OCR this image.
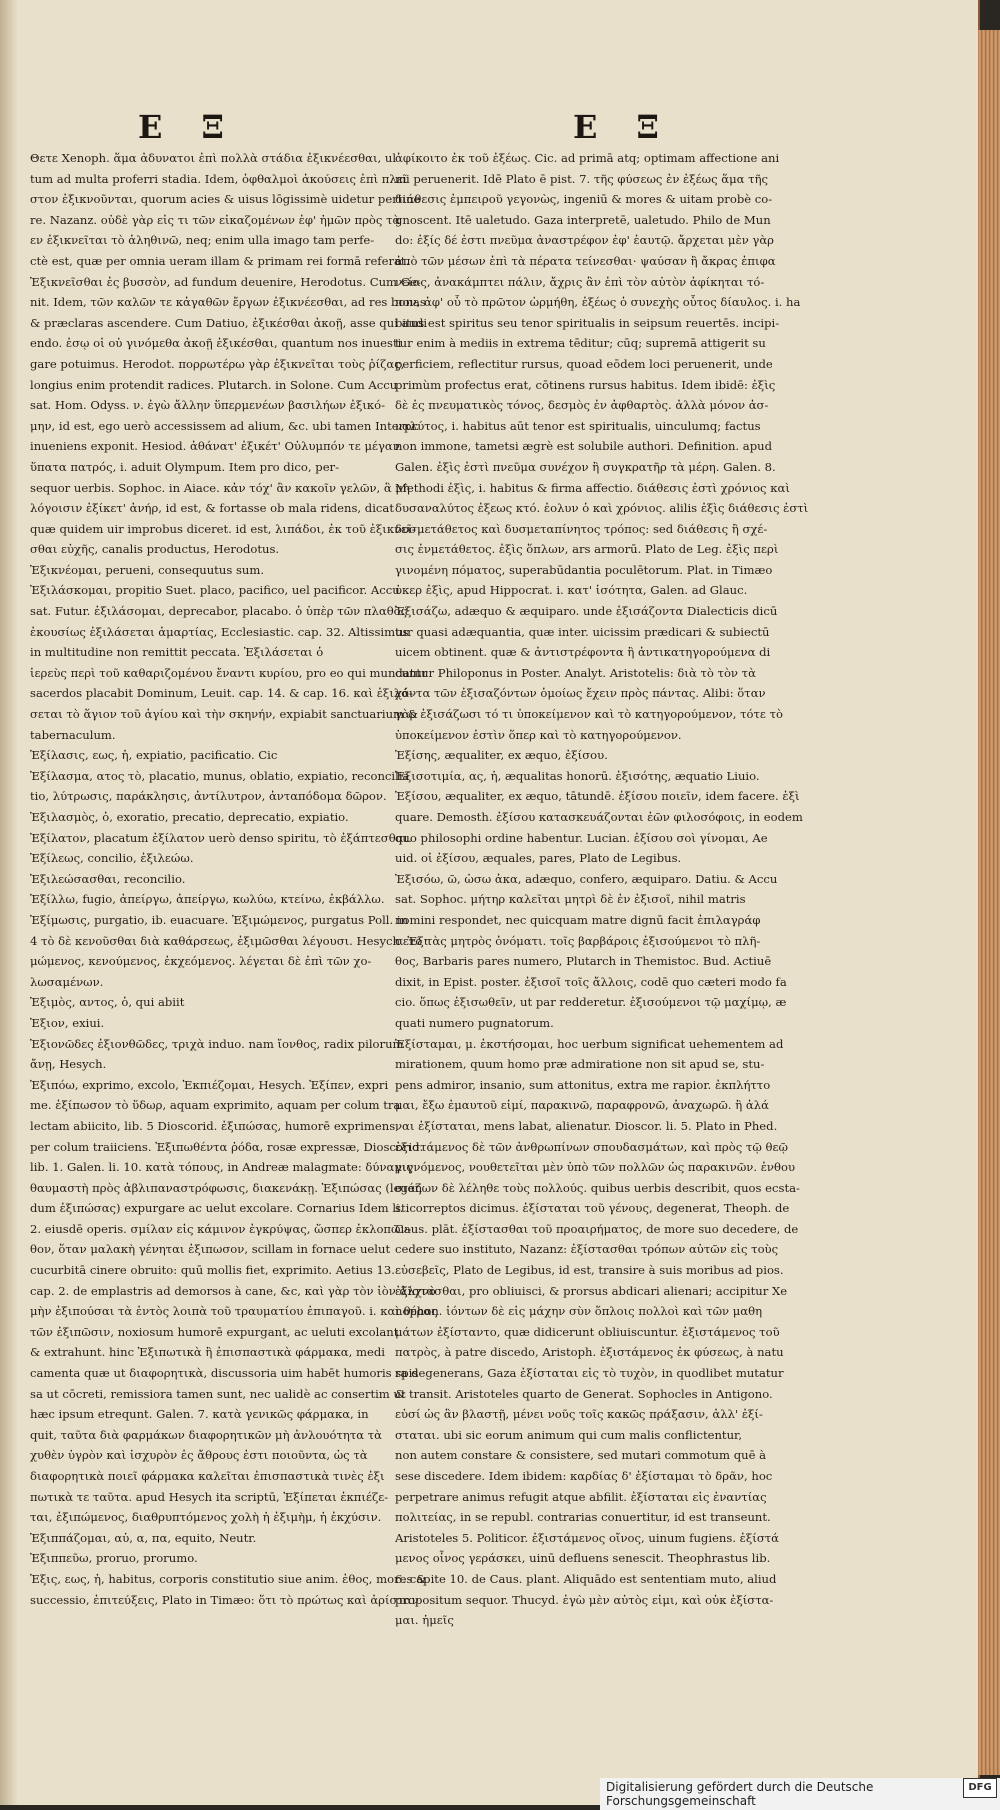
Ε Ξ	Ε Ξ
Θετε Xenoph. ἅμα ἀδυνατοι ἐπὶ πολλὰ στάδια ἐξικνέεσθαι, ul
tum ad multa proferri stadia. Idem, ὀφθαλμοὶ ἀκούσεις ἐπὶ πλεῖ
στον ἐξικνοῦνται, quorum acies & uisus lōgissimè uidetur pertine
re. Nazanz. οὐδὲ γὰρ εἰς τι τῶν εἰκαζομένων ἐφ' ἡμῶν πρὸς τὰ
εν ἐξικνεῖται τὸ ἀληθινῶ, neq; enim ulla imago tam perfe-
ctè est, quæ per omnia ueram illam & primam rei formā referat.
Ἐξικνεῖσθαι ἐς βυσσὸν, ad fundum deuenire, Herodotus. Cum Ge-
nit. Idem, τῶν καλῶν τε κἀγαθῶν ἔργων ἐξικνέεσθαι, ad res bonas
& præclaras ascendere. Cum Datiuo, ἐξικέσθαι ἀκοῇ, asse qui audi
endo. ἐσῳ οἱ οὐ γινόμεθα ἀκοῇ ἐξικέσθαι, quantum nos inuesti
gare potuimus. Herodot. πορρωτέρω γὰρ ἐξικνεῖται τοὺς ῥίζας,
longius enim protendit radices. Plutarch. in Solone. Cum Accu
sat. Hom. Odyss. ν. ἐγὼ ἄλλην ὕπερμενέων βασιλήων ἐξικό-
μην, id est, ego uerò accessissem ad alium, &c. ubi tamen Interpr.
inueniens exponit. Hesiod. ἀθάνατ' ἐξικέτ' Οὐλυμπόν τε μέγαν
ὕπατα πατρός, i. aduit Olympum. Item pro dico, per-
sequor uerbis. Sophoc. in Aiace. κἀν τόχ' ἂν κακοῖν γελῶν, ἃ μὴ
λόγοισιν ἐξίκετ' ἀνήρ, id est, & fortasse ob mala ridens, dicat
quæ quidem uir improbus diceret. id est, λιπάδοι, ἐκ τοῦ ἐξικνεῖ-
σθαι εὐχῆς, canalis productus, Herodotus.
Ἐξικνέομαι, perueni, consequutus sum.
Ἐξιλάσκομαι, propitio Suet. placo, pacifico, uel pacificor. Accu
sat. Futur. ἐξιλάσομαι, deprecabor, placabo. ὁ ὑπὲρ τῶν πλαθὸς
ἐκουσίως ἐξιλάσεται ἁμαρτίας, Ecclesiastic. cap. 32. Altissimus
in multitudine non remittit peccata. Ἐξιλάσεται ὁ
ἱερεὺς περὶ τοῦ καθαριζομένου ἔναντι κυρίου, pro eo qui mundatur
sacerdos placabit Dominum, Leuit. cap. 14. & cap. 16. καὶ ἐξιλά-
σεται τὸ ἅγιον τοῦ ἁγίου καὶ τὴν σκηνήν, expiabit sanctuarium &
tabernaculum.
Ἐξίλασις, εως, ἡ, expiatio, pacificatio. Cic
Ἐξίλασμα, ατος τὸ, placatio, munus, oblatio, expiatio, reconcilia
tio, λύτρωσις, παράκλησις, ἀντίλυτρον, ἀνταπόδομα δῶρον.
Ἐξιλασμὸς, ὁ, exoratio, precatio, deprecatio, expiatio.
Ἐξίλατον, placatum ἐξίλατον uerò denso spiritu, τὸ ἐξάπτεσθαι.
Ἐξίλεως, concilio, ἐξιλεώω.
Ἐξιλεώσασθαι, reconcilio.
Ἐξίλλω, fugio, ἀπείργω, ἀπείργω, κωλύω, κτείνω, ἐκβάλλω.
Ἐξίμωσις, purgatio, ib. euacuare. Ἐξιμώμενος, purgatus Poll. in
4 τὸ δὲ κενοῦσθαι διὰ καθάρσεως, ἐξιμῶσθαι λέγουσι. Hesych. Ἐξι
μώμενος, κενούμενος, ἐκχεόμενος. λέγεται δὲ ἐπὶ τῶν χο-
λωσαμένων.
Ἐξιμὸς, αντος, ὁ, qui abiit
Ἐξιον, exiui.
Ἐξιονῶδες ἐξιονθῶδες, τριχὰ induo. nam ἴονθος, radix pilorum
ἄνῃ, Hesych.
Ἐξιπόω, exprimo, excolo, Ἐκπιέζομαι, Hesych. Ἐξίπεν, expri
me. ἐξίπωσον τὸ ὕδωρ, aquam exprimito, aquam per colum tra
lectam abiicito, lib. 5 Dioscorid. ἐξιπώσας, humorē exprimens,
per colum traiiciens. Ἐξιπωθέντα ῥόδα, rosæ expressæ, Dioscorid.
lib. 1. Galen. li. 10. κατὰ τόπους, in Andreæ malagmate: δύναμις
θαυμαστὴ πρὸς ἀβλιπαναστρόφωσις, διακενάκῃ. Ἐξιπώσας (legen
dum ἐξιπώσας) expurgare ac uelut excolare. Cornarius Idem li.
2. eiusdē operis. σμίλαν εἰς κάμινον ἐγκρύψας, ὥσπερ ἐκλοπῶν-
θον, ὅταν μαλακὴ γένηται ἐξιπωσον, scillam in fornace uelut
cucurbitā cinere obruito: quū mollis fiet, exprimito. Aetius 13.
cap. 2. de emplastris ad demorsos à cane, &c, καὶ γὰρ τὸν ἰὸν ἀλχνὸ
μὴν ἐξιπούσαι τὰ ἐντὸς λοιπὰ τοῦ τραυματίου ἐπιπαγοῦ. i. καὶ θέρας
τῶν ἐξιπῶσιν, noxiosum humorē expurgant, ac ueluti excolant
& extrahunt. hinc Ἐξιπωτικὰ ἢ ἐπισπαστικὰ φάρμακα, medi
camenta quæ ut διαφορητικὰ, discussoria uim habēt humoris spis
sa ut cōcreti, remissiora tamen sunt, nec ualidè ac consertim ut
hæc ipsum etrequnt. Galen. 7. κατὰ γενικῶς φάρμακα, in
quit, ταῦτα διὰ φαρμάκων διαφορητικῶν μὴ ἀνλουότητα τὰ
χυθὲν ὑγρὸν καὶ ἰσχυρὸν ἐς ἄθρους ἐστι ποιοῦντα, ὡς τὰ
διαφορητικὰ ποιεῖ φάρμακα καλεῖται ἐπισπαστικὰ τινὲς ἐξι
πωτικὰ τε ταῦτα. apud Hesych ita scriptū, Ἐξίπεται ἐκπιέζε-
ται, ἐξιπώμενος, διαθρυπτόμενος χολὴ ἡ ἐξιμὴμ, ἡ ἐκχύσιν.
Ἐξιππάζομαι, αὐ, α, πα, equito, Neutr.
Ἐξιππεῦω, proruo, prorumo.
Ἐξις, εως, ἡ, habitus, corporis constitutio siue anim. ἐθος, mores &
successio, ἐπιτεύξεις, Plato in Timæo: ὅτι τὸ πρώτως καὶ ἀρίσταν
ἀφίκοιτο ἐκ τοῦ ἐξέως. Cic. ad primā atq; optimam affectione ani
mi peruenerit. Idē Plato ē pist. 7. τῆς φύσεως ἐν ἐξέως ἅμα τῆς
διάθεσις ἐμπειροῦ γεγονὼς, ingeniū & mores & uitam probè co-
gnoscent. Itē ualetudo. Gaza interpretē, ualetudo. Philo de Mun
do: ἐξίς δέ ἐστι πνεῦμα ἀναστρέφον ἐφ' ἑαυτῷ. ἄρχεται μὲν γὰρ
ἀπὸ τῶν μέσων ἐπὶ τὰ πέρατα τείνεσθαι· ψαύσαν ἢ ἄκρας ἐπιφα
νείας, ἀνακάμπτει πάλιν, ἄχρις ἂν ἐπὶ τὸν αὐτὸν ἀφίκηται τό-
πον, ἀφ' οὗ τὸ πρῶτον ὡρμήθη, ἐξέως ὁ συνεχὴς οὗτος δίαυλος. i. ha
bitus est spiritus seu tenor spiritualis in seipsum reuertēs. incipi-
tur enim à mediis in extrema tēditur; cūq; supremā attigerit su
perficiem, reflectitur rursus, quoad eōdem loci peruenerit, unde
primùm profectus erat, cōtinens rursus habitus. Idem ibidē: ἐξὶς
δὲ ἐς πνευματικὸς τόνος, δεσμὸς ἐν ἀφθαρτὸς. ἀλλὰ μόνον ἀσ-
ναλύτος, i. habitus aūt tenor est spiritualis, uinculumq; factus
non immone, tametsi ægrè est solubile authori. Definition. apud
Galen. ἐξὶς ἐστὶ πνεῦμα συνέχον ἢ συγκρατῆρ τὰ μέρη. Galen. 8.
Methodi ἐξὶς, i. habitus & firma affectio. διάθεσις ἐστὶ χρόνιος καὶ
δυσαναλύτος ἐξεως κτό. ἐολυν ὁ καὶ χρόνιος. alilis ἐξὶς διάθεσις ἐστὶ
δυσμετάθετος καὶ δυσμεταπίνητος τρόπος: sed διάθεσις ἢ σχέ-
σις ἐνμετάθετος. ἐξὶς ὅπλων, ars armorū. Plato de Leg. ἐξὶς περὶ
γινομένη πόματος, superabūdantia poculētorum. Plat. in Timæo
ὑκερ ἐξὶς, apud Hippocrat. i. κατ' ἰσότητα, Galen. ad Glauc.
Ἐξισάζω, adæquo & æquiparo. unde ἐξισάζοντα Dialecticis dicū
tur quasi adæquantia, quæ inter. uicissim prædicari & subiectū
uicem obtinent. quæ & ἀντιστρέφοντα ἢ ἀντικατηγορούμενα di
cuntur Philoponus in Poster. Analyt. Aristotelis: διὰ τὸ τὸν τὰ
χόντα τῶν ἐξισαζόντων ὁμοίως ἔχειν πρὸς πάντας. Alibi: ὅταν
γὰρ ἐξισάζωσι τό τι ὑποκείμενον καὶ τὸ κατηγορούμενον, τότε τὸ
ὑποκείμενον ἐστὶν ὅπερ καὶ τὸ κατηγορούμενον.
Ἐξίσης, æqualiter, ex æquo, ἐξίσου.
Ἐξισοτιμία, ας, ἡ, æqualitas honorū. ἐξισότης, æquatio Liuio.
Ἐξίσου, æqualiter, ex æquo, tātundē. ἐξίσου ποιεῖν, idem facere. ἐξὶ
quare. Demosth. ἐξίσου κατασκευάζονται ἐῶν φιλοσόφοις, in eodem
quo philosophi ordine habentur. Lucian. ἐξίσου σοὶ γίνομαι, Ae
uid. οἱ ἐξίσου, æquales, pares, Plato de Legibus.
Ἐξισόω, ῶ, ὡσω ἀκα, adæquo, confero, æquiparo. Datiu. & Accu
sat. Sophoc. μήτηρ καλεῖται μητρὶ δὲ ἐν ἐξισοῖ, nihil matris
nomini respondet, nec quicquam matre dignū facit ἐπιλαγράφ
σετο τὰς μητρὸς ὀνόματι. τοῖς βαρβάροις ἐξισούμενοι τὸ πλῆ-
θος, Barbaris pares numero, Plutarch in Themistoc. Bud. Actiuē
dixit, in Epist. poster. ἐξισοῖ τοῖς ἄλλοις, codē quo cæteri modo fa
cio. ὅπως ἐξισωθεῖν, ut par redderetur. ἐξισούμενοι τῷ μαχίμῳ, æ
quati numero pugnatorum.
Ἐξίσταμαι, μ. ἐκστήσομαι, hoc uerbum significat uehementem ad
mirationem, quum homo præ admiratione non sit apud se, stu-
pens admiror, insanio, sum attonitus, extra me rapior. ἐκπλήττο
μαι, ἔξω ἐμαυτοῦ εἰμί, παρακινῶ, παραφρονῶ, ἀναχωρῶ. ἢ ἀλά
ναι ἐξίσταται, mens labat, alienatur. Dioscor. li. 5. Plato in Phed.
ἐξιστάμενος δὲ τῶν ἀνθρωπίνων σπουδασμάτων, καὶ πρὸς τῷ θεῷ
γιγνόμενος, νουθετεῖται μὲν ὑπὸ τῶν πολλῶν ὡς παρακινῶν. ἐνθου
σιάζων δὲ λέληθε τοὺς πολλούς. quibus uerbis describit, quos ecsta-
sticorreptos dicimus. ἐξίσταται τοῦ γένους, degenerat, Theoph. de
Caus. plāt. ἐξίστασθαι τοῦ προαιρήματος, de more suo decedere, de
cedere suo instituto, Nazanz: ἐξίστασθαι τρόπων αὐτῶν εἰς τοὺς
εὐσεβεῖς, Plato de Legibus, id est, transire à suis moribus ad pios.
ἐξίστασθαι, pro obliuisci, & prorsus abdicari alienari; accipitur Xe
nophon. ἰόντων δὲ εἰς μάχην σὺν ὅπλοις πολλοὶ καὶ τῶν μαθη
μάτων ἐξίσταντο, quæ didicerunt obliuiscuntur. ἐξιστάμενος τοῦ
πατρὸς, à patre discedo, Aristoph. ἐξιστάμενος ἐκ φύσεως, à natu
ra degenerans, Gaza ἐξίσταται εἰς τὸ τυχὸν, in quodlibet mutatur
& transit. Aristoteles quarto de Generat. Sophocles in Antigono.
εὐσί ὡς ἂν βλαστῇ, μένει νοῦς τοῖς κακῶς πράξασιν, ἀλλ' ἐξί-
σταται. ubi sic eorum animum qui cum malis conflictentur,
non autem constare & consistere, sed mutari commotum quē à
sese discedere. Idem ibidem: καρδίας δ' ἐξίσταμαι τὸ δρᾶν, hoc
perpetrare animus refugit atque abfilit. ἐξίσταται εἰς ἐναντίας
πολιτείας, in se republ. contrarias conuertitur, id est transeunt.
Aristoteles 5. Politicor. ἐξιστάμενος οἴνος, uinum fugiens. ἐξίστά
μενος οἶνος γεράσκει, uinū defluens senescit. Theophrastus lib.
6. capite 10. de Caus. plant. Aliquādo est sententiam muto, aliud
propositum sequor. Thucyd. ἐγὼ μὲν αὐτὸς εἰμι, καὶ οὐκ ἐξίστα-
μαι. ἡμεῖς
Digitalisierung gefördert durch die Deutsche Forschungsgemeinschaft
DFG
